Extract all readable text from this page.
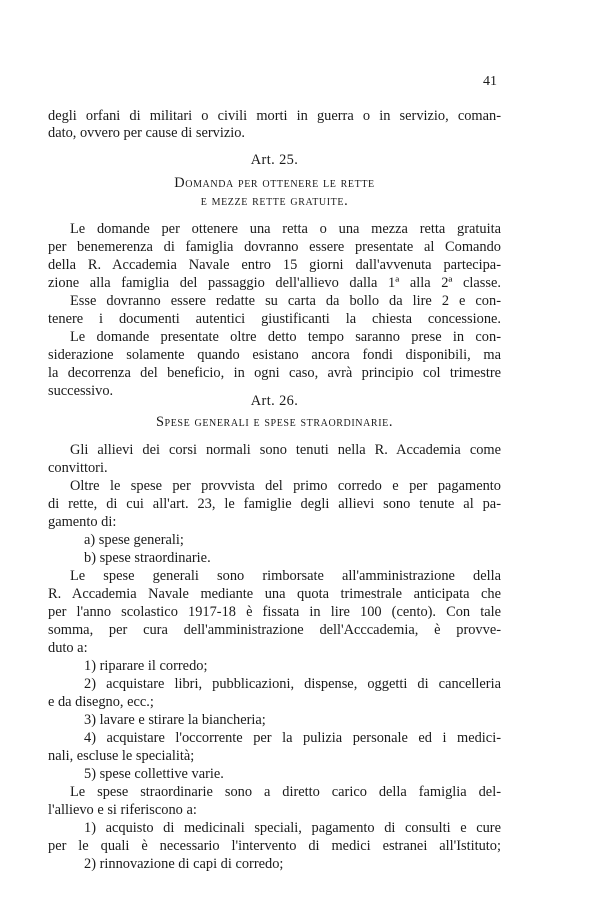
41
degli orfani di militari o civili morti in guerra o in servizio, coman-
dato, ovvero per cause di servizio.
Art. 25.
Domanda per ottenere le rette
e mezze rette gratuite.
Le domande per ottenere una retta o una mezza retta gratuita
per benemerenza di famiglia dovranno essere presentate al Comando
della R. Accademia Navale entro 15 giorni dall'avvenuta partecipa-
zione alla famiglia del passaggio dell'allievo dalla 1ª alla 2ª classe.
Esse dovranno essere redatte su carta da bollo da lire 2 e con-
tenere i documenti autentici giustificanti la chiesta concessione.
Le domande presentate oltre detto tempo saranno prese in con-
siderazione solamente quando esistano ancora fondi disponibili, ma
la decorrenza del beneficio, in ogni caso, avrà principio col trimestre
successivo.
Art. 26.
Spese generali e spese straordinarie.
Gli allievi dei corsi normali sono tenuti nella R. Accademia come
convittori.
Oltre le spese per provvista del primo corredo e per pagamento
di rette, di cui all'art. 23, le famiglie degli allievi sono tenute al pa-
gamento di:
a) spese generali;
b) spese straordinarie.
Le spese generali sono rimborsate all'amministrazione della
R. Accademia Navale mediante una quota trimestrale anticipata che
per l'anno scolastico 1917-18 è fissata in lire 100 (cento). Con tale
somma, per cura dell'amministrazione dell'Acccademia, è provve-
duto a:
1) riparare il corredo;
2) acquistare libri, pubblicazioni, dispense, oggetti di cancelleria
e da disegno, ecc.;
3) lavare e stirare la biancheria;
4) acquistare l'occorrente per la pulizia personale ed i medici-
nali, escluse le specialità;
5) spese collettive varie.
Le spese straordinarie sono a diretto carico della famiglia del-
l'allievo e si riferiscono a:
1) acquisto di medicinali speciali, pagamento di consulti e cure
per le quali è necessario l'intervento di medici estranei all'Istituto;
2) rinnovazione di capi di corredo;
